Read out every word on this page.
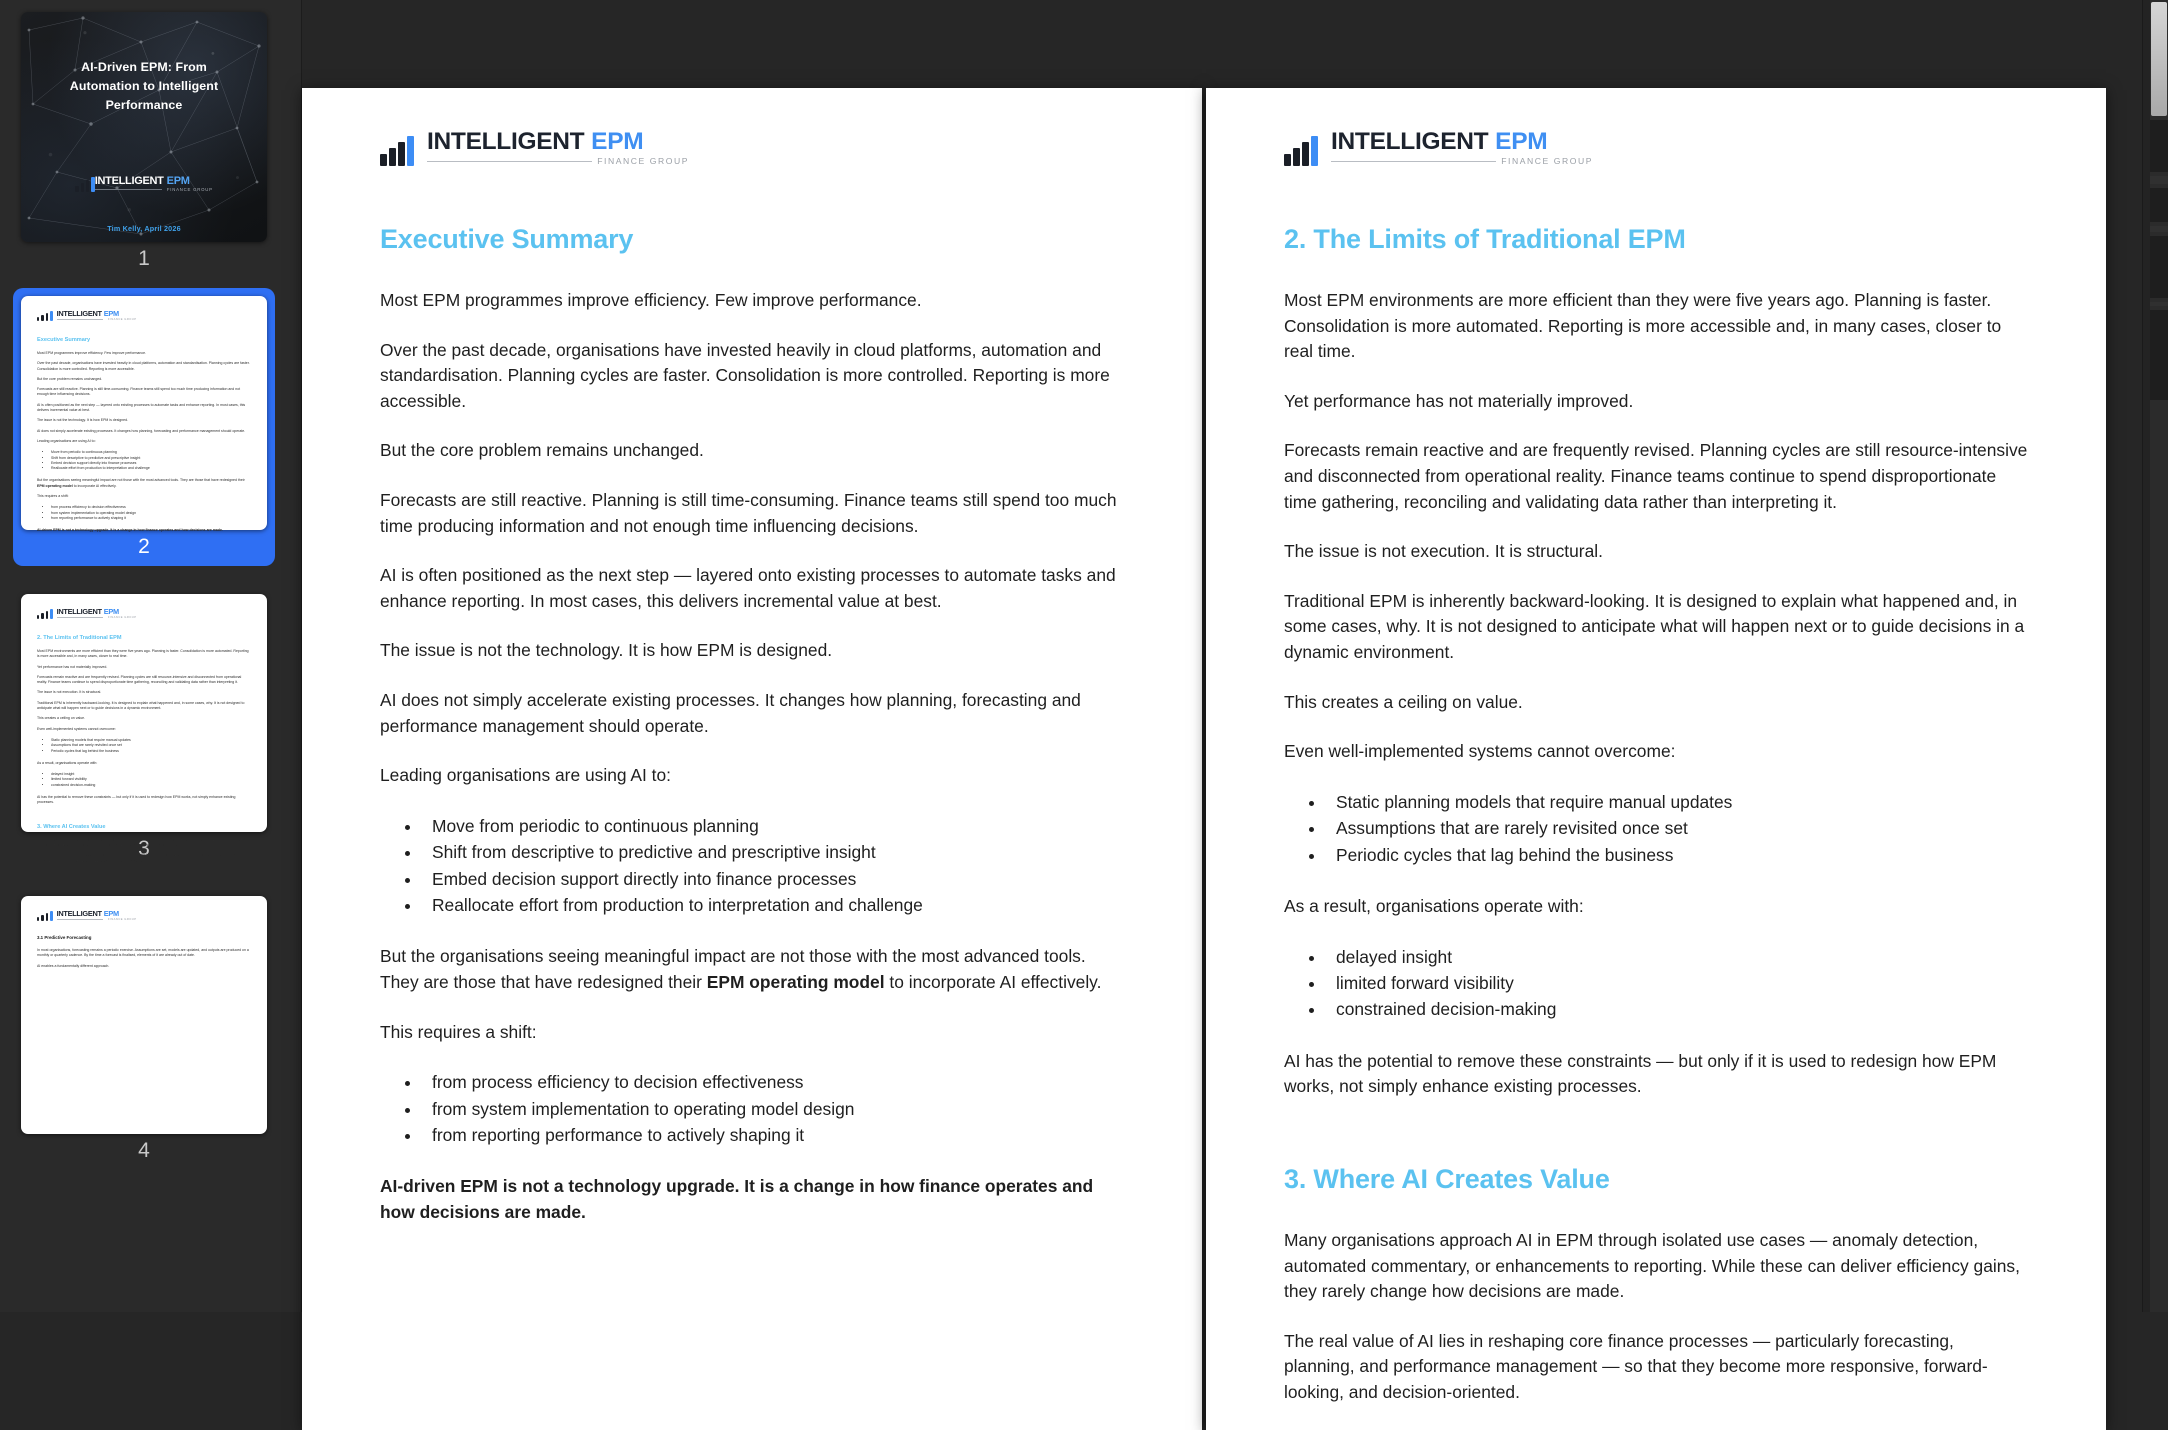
AI-Driven EPM: From Automation to Intelligent Performance
INTELLIGENT EPM
FINANCE GROUP
Tim Kelly, April 2026
1
INTELLIGENT EPM
FINANCE GROUP
Executive Summary
Most EPM programmes improve efficiency. Few improve performance.
Over the past decade, organisations have invested heavily in cloud platforms, automation and standardisation. Planning cycles are faster. Consolidation is more controlled. Reporting is more accessible.
But the core problem remains unchanged.
Forecasts are still reactive. Planning is still time-consuming. Finance teams still spend too much time producing information and not enough time influencing decisions.
AI is often positioned as the next step — layered onto existing processes to automate tasks and enhance reporting. In most cases, this delivers incremental value at best.
The issue is not the technology. It is how EPM is designed.
AI does not simply accelerate existing processes. It changes how planning, forecasting and performance management should operate.
Leading organisations are using AI to:
• Move from periodic to continuous planning
• Shift from descriptive to predictive and prescriptive insight
• Embed decision support directly into finance processes
• Reallocate effort from production to interpretation and challenge
But the organisations seeing meaningful impact are not those with the most advanced tools. They are those that have redesigned their EPM operating model to incorporate AI effectively.
This requires a shift:
• from process efficiency to decision effectiveness
• from system implementation to operating model design
• from reporting performance to actively shaping it
AI-driven EPM is not a technology upgrade. It is a change in how finance operates and how decisions are made.
2
INTELLIGENT EPM
FINANCE GROUP
2. The Limits of Traditional EPM
Most EPM environments are more efficient than they were five years ago. Planning is faster. Consolidation is more automated. Reporting is more accessible and, in many cases, closer to real time.
Yet performance has not materially improved.
Forecasts remain reactive and are frequently revised. Planning cycles are still resource-intensive and disconnected from operational reality. Finance teams continue to spend disproportionate time gathering, reconciling and validating data rather than interpreting it.
The issue is not execution. It is structural.
Traditional EPM is inherently backward-looking. It is designed to explain what happened and, in some cases, why. It is not designed to anticipate what will happen next or to guide decisions in a dynamic environment.
This creates a ceiling on value.
Even well-implemented systems cannot overcome:
• Static planning models that require manual updates
• Assumptions that are rarely revisited once set
• Periodic cycles that lag behind the business
As a result, organisations operate with:
• delayed insight
• limited forward visibility
• constrained decision-making
AI has the potential to remove these constraints — but only if it is used to redesign how EPM works, not simply enhance existing processes.
3. Where AI Creates Value
Many organisations approach AI in EPM through isolated use cases — anomaly detection, automated commentary, or enhancements to reporting. While these can deliver efficiency gains, they rarely change how decisions are made.
The real value of AI lies in reshaping core finance processes — particularly forecasting, planning, and performance management — so that they become more responsive, forward-looking, and decision-oriented.
3
INTELLIGENT EPM
FINANCE GROUP
3.1 Predictive Forecasting
In most organisations, forecasting remains a periodic exercise. Assumptions are set, models are updated, and outputs are produced on a monthly or quarterly cadence. By the time a forecast is finalised, elements of it are already out of date.
AI enables a fundamentally different approach.
4
INTELLIGENT EPM
FINANCE GROUP
Executive Summary

Most EPM programmes improve efficiency. Few improve performance.

Over the past decade, organisations have invested heavily in cloud platforms, automation and standardisation. Planning cycles are faster. Consolidation is more controlled. Reporting is more accessible.

But the core problem remains unchanged.

Forecasts are still reactive. Planning is still time-consuming. Finance teams still spend too much time producing information and not enough time influencing decisions.

AI is often positioned as the next step — layered onto existing processes to automate tasks and enhance reporting. In most cases, this delivers incremental value at best.

The issue is not the technology. It is how EPM is designed.

AI does not simply accelerate existing processes. It changes how planning, forecasting and performance management should operate.

Leading organisations are using AI to:

• Move from periodic to continuous planning
• Shift from descriptive to predictive and prescriptive insight
• Embed decision support directly into finance processes
• Reallocate effort from production to interpretation and challenge

But the organisations seeing meaningful impact are not those with the most advanced tools. They are those that have redesigned their EPM operating model to incorporate AI effectively.

This requires a shift:

• from process efficiency to decision effectiveness
• from system implementation to operating model design
• from reporting performance to actively shaping it

AI-driven EPM is not a technology upgrade. It is a change in how finance operates and how decisions are made.

INTELLIGENT EPM
FINANCE GROUP
2. The Limits of Traditional EPM

Most EPM environments are more efficient than they were five years ago. Planning is faster. Consolidation is more automated. Reporting is more accessible and, in many cases, closer to real time.

Yet performance has not materially improved.

Forecasts remain reactive and are frequently revised. Planning cycles are still resource-intensive and disconnected from operational reality. Finance teams continue to spend disproportionate time gathering, reconciling and validating data rather than interpreting it.

The issue is not execution. It is structural.

Traditional EPM is inherently backward-looking. It is designed to explain what happened and, in some cases, why. It is not designed to anticipate what will happen next or to guide decisions in a dynamic environment.

This creates a ceiling on value.

Even well-implemented systems cannot overcome:

• Static planning models that require manual updates
• Assumptions that are rarely revisited once set
• Periodic cycles that lag behind the business

As a result, organisations operate with:

• delayed insight
• limited forward visibility
• constrained decision-making

AI has the potential to remove these constraints — but only if it is used to redesign how EPM works, not simply enhance existing processes.

3. Where AI Creates Value

Many organisations approach AI in EPM through isolated use cases — anomaly detection, automated commentary, or enhancements to reporting. While these can deliver efficiency gains, they rarely change how decisions are made.

The real value of AI lies in reshaping core finance processes — particularly forecasting, planning, and performance management — so that they become more responsive, forward-looking, and decision-oriented.
